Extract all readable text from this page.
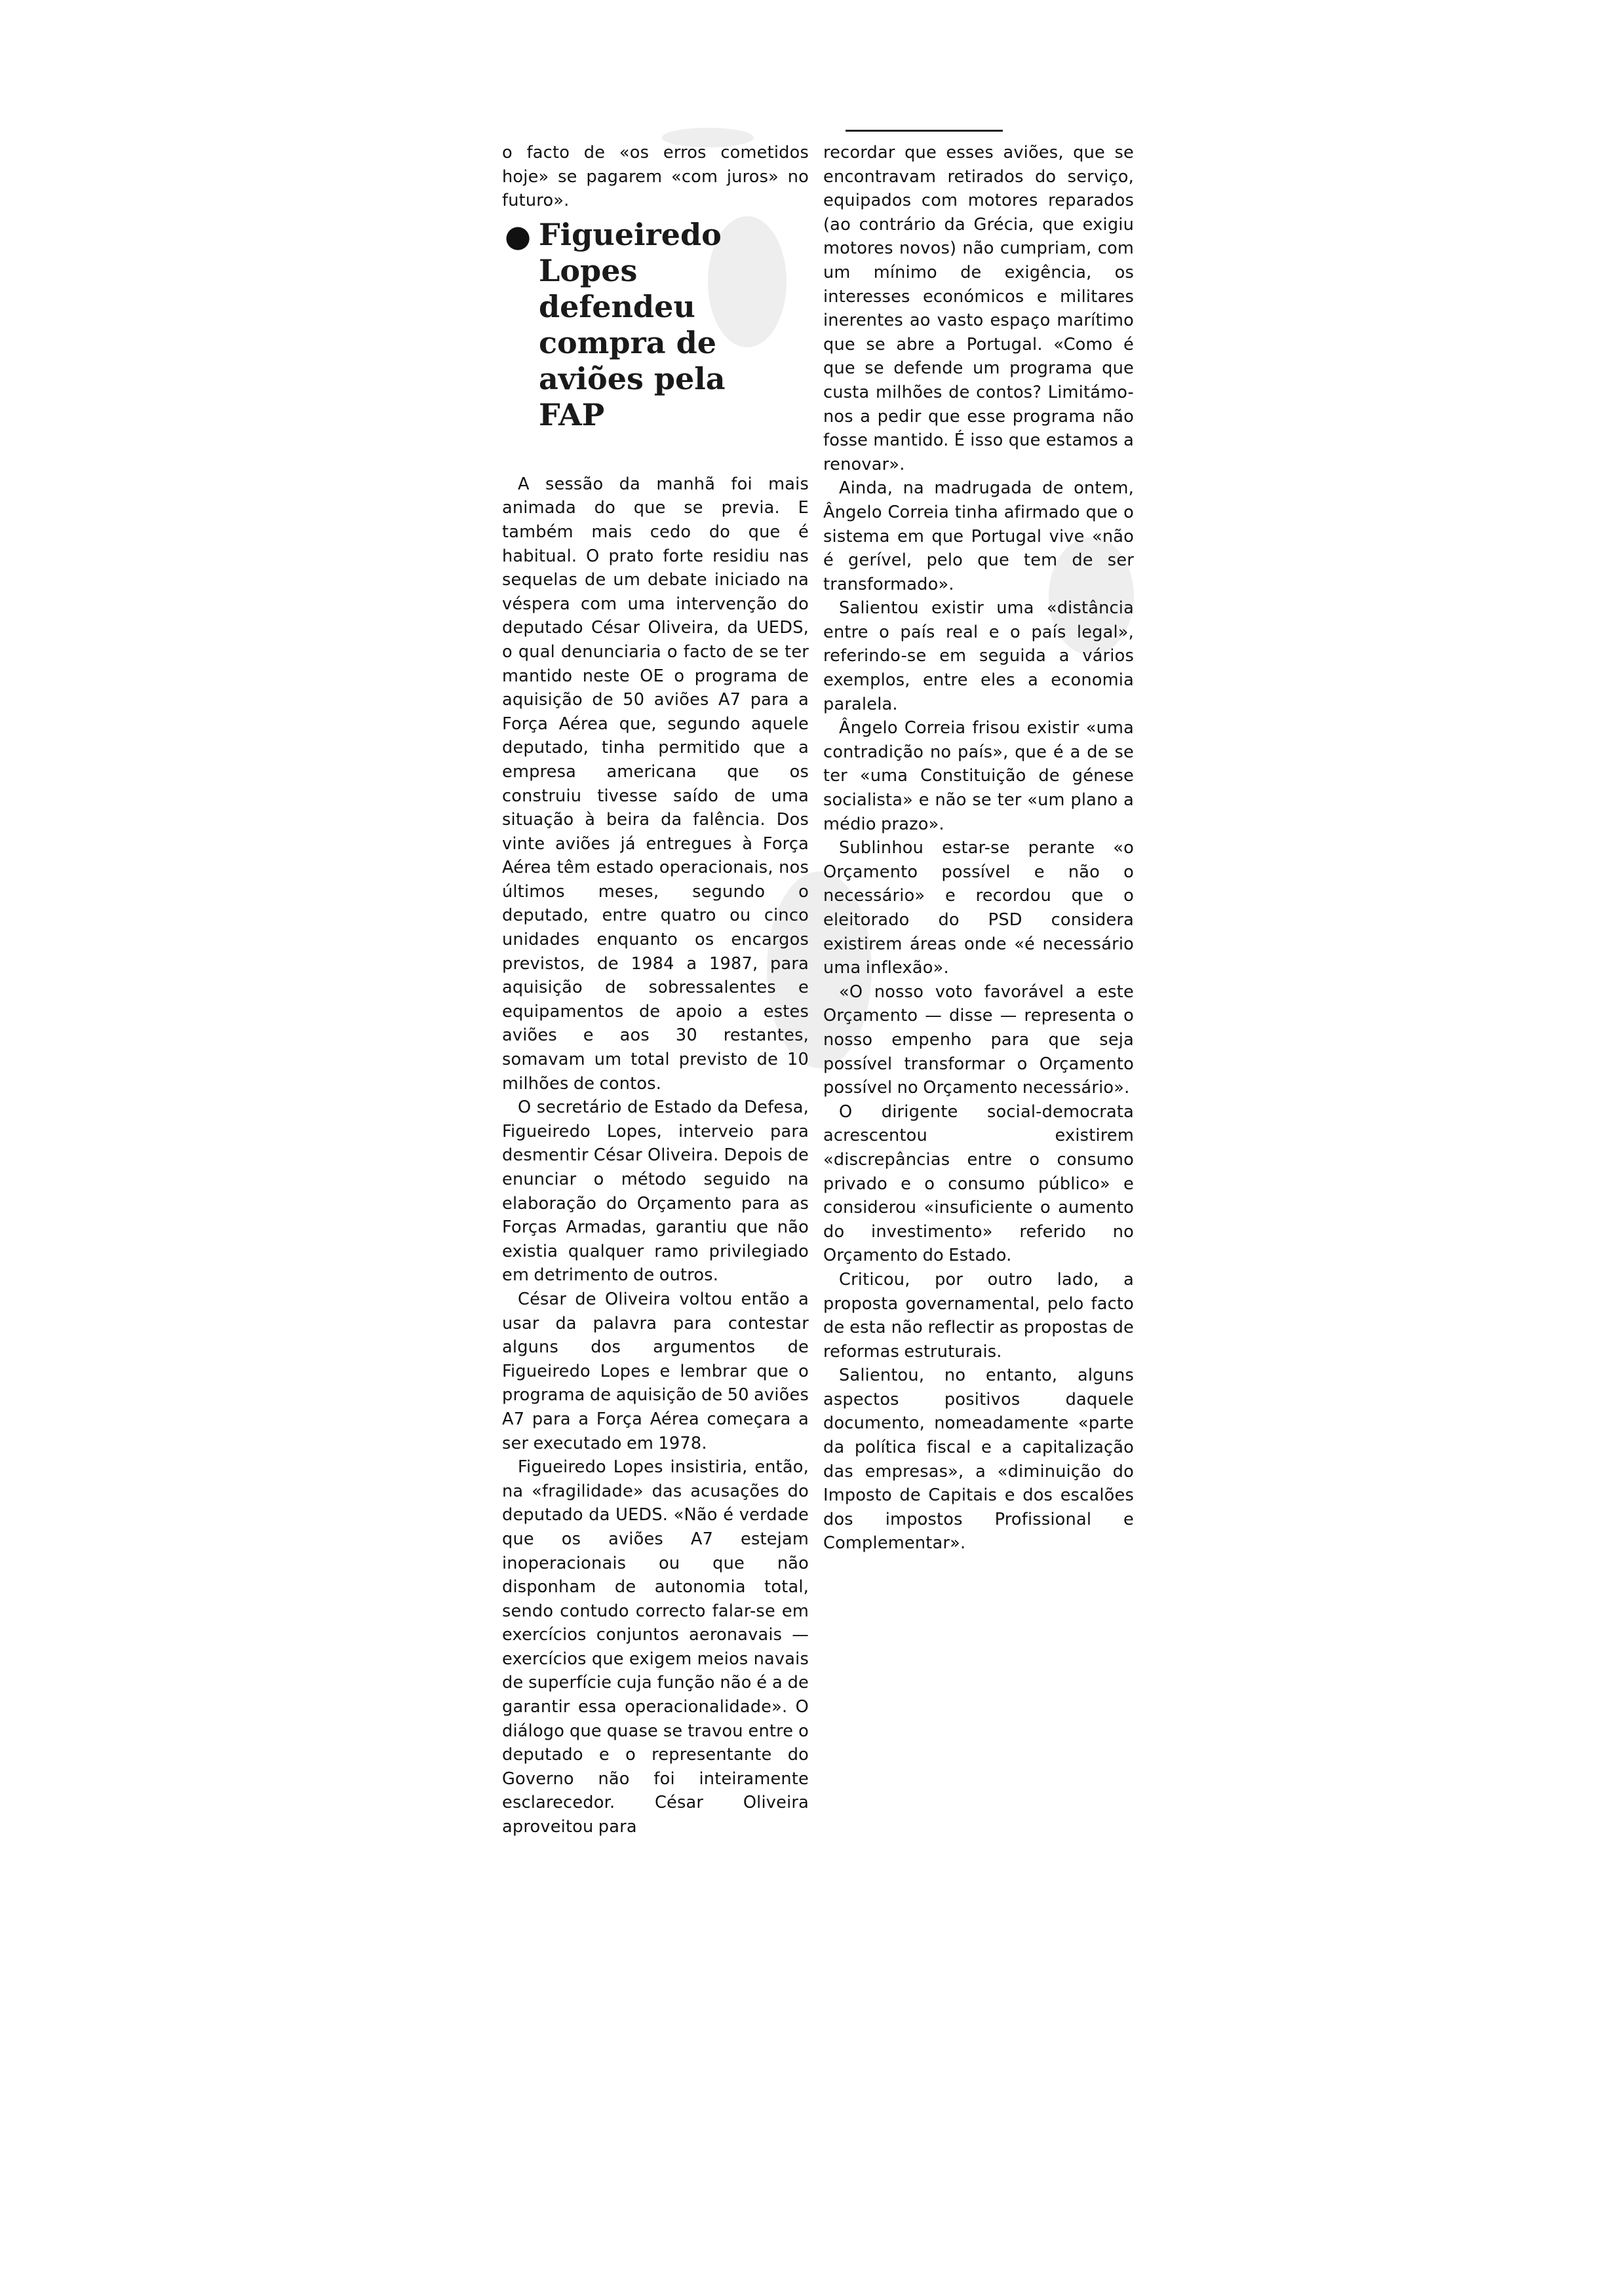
o facto de «os erros cometidos hoje» se pagarem «com juros» no futuro».

● Figueiredo Lopes defendeu compra de aviões pela FAP

A sessão da manhã foi mais animada do que se previa. E também mais cedo do que é habitual. O prato forte residiu nas sequelas de um debate iniciado na véspera com uma intervenção do deputado César Oliveira, da UEDS, o qual denunciaria o facto de se ter mantido neste OE o programa de aquisição de 50 aviões A7 para a Força Aérea que, segundo aquele deputado, tinha permitido que a empresa americana que os construiu tivesse saído de uma situação à beira da falência. Dos vinte aviões já entregues à Força Aérea têm estado operacionais, nos últimos meses, segundo o deputado, entre quatro ou cinco unidades enquanto os encargos previstos, de 1984 a 1987, para aquisição de sobressalentes e equipamentos de apoio a estes aviões e aos 30 restantes, somavam um total previsto de 10 milhões de contos.

O secretário de Estado da Defesa, Figueiredo Lopes, interveio para desmentir César Oliveira. Depois de enunciar o método seguido na elaboração do Orçamento para as Forças Armadas, garantiu que não existia qualquer ramo privilegiado em detrimento de outros.

César de Oliveira voltou então a usar da palavra para contestar alguns dos argumentos de Figueiredo Lopes e lembrar que o programa de aquisição de 50 aviões A7 para a Força Aérea começara a ser executado em 1978.

Figueiredo Lopes insistiria, então, na «fragilidade» das acusações do deputado da UEDS. «Não é verdade que os aviões A7 estejam inoperacionais ou que não disponham de autonomia total, sendo contudo correcto falar-se em exercícios conjuntos aeronavais — exercícios que exigem meios navais de superfície cuja função não é a de garantir essa operacionalidade». O diálogo que quase se travou entre o deputado e o representante do Governo não foi inteiramente esclarecedor. César Oliveira aproveitou para

recordar que esses aviões, que se encontravam retirados do serviço, equipados com motores reparados (ao contrário da Grécia, que exigiu motores novos) não cumpriam, com um mínimo de exigência, os interesses económicos e militares inerentes ao vasto espaço marítimo que se abre a Portugal. «Como é que se defende um programa que custa milhões de contos? Limitámo-nos a pedir que esse programa não fosse mantido. É isso que estamos a renovar».

Ainda, na madrugada de ontem, Ângelo Correia tinha afirmado que o sistema em que Portugal vive «não é gerível, pelo que tem de ser transformado».

Salientou existir uma «distância entre o país real e o país legal», referindo-se em seguida a vários exemplos, entre eles a economia paralela.

Ângelo Correia frisou existir «uma contradição no país», que é a de se ter «uma Constituição de génese socialista» e não se ter «um plano a médio prazo».

Sublinhou estar-se perante «o Orçamento possível e não o necessário» e recordou que o eleitorado do PSD considera existirem áreas onde «é necessário uma inflexão».

«O nosso voto favorável a este Orçamento — disse — representa o nosso empenho para que seja possível transformar o Orçamento possível no Orçamento necessário».

O dirigente social-democrata acrescentou existirem «discrepâncias entre o consumo privado e o consumo público» e considerou «insuficiente o aumento do investimento» referido no Orçamento do Estado.

Criticou, por outro lado, a proposta governamental, pelo facto de esta não reflectir as propostas de reformas estruturais.

Salientou, no entanto, alguns aspectos positivos daquele documento, nomeadamente «parte da política fiscal e a capitalização das empresas», a «diminuição do Imposto de Capitais e dos escalões dos impostos Profissional e Complementar».
